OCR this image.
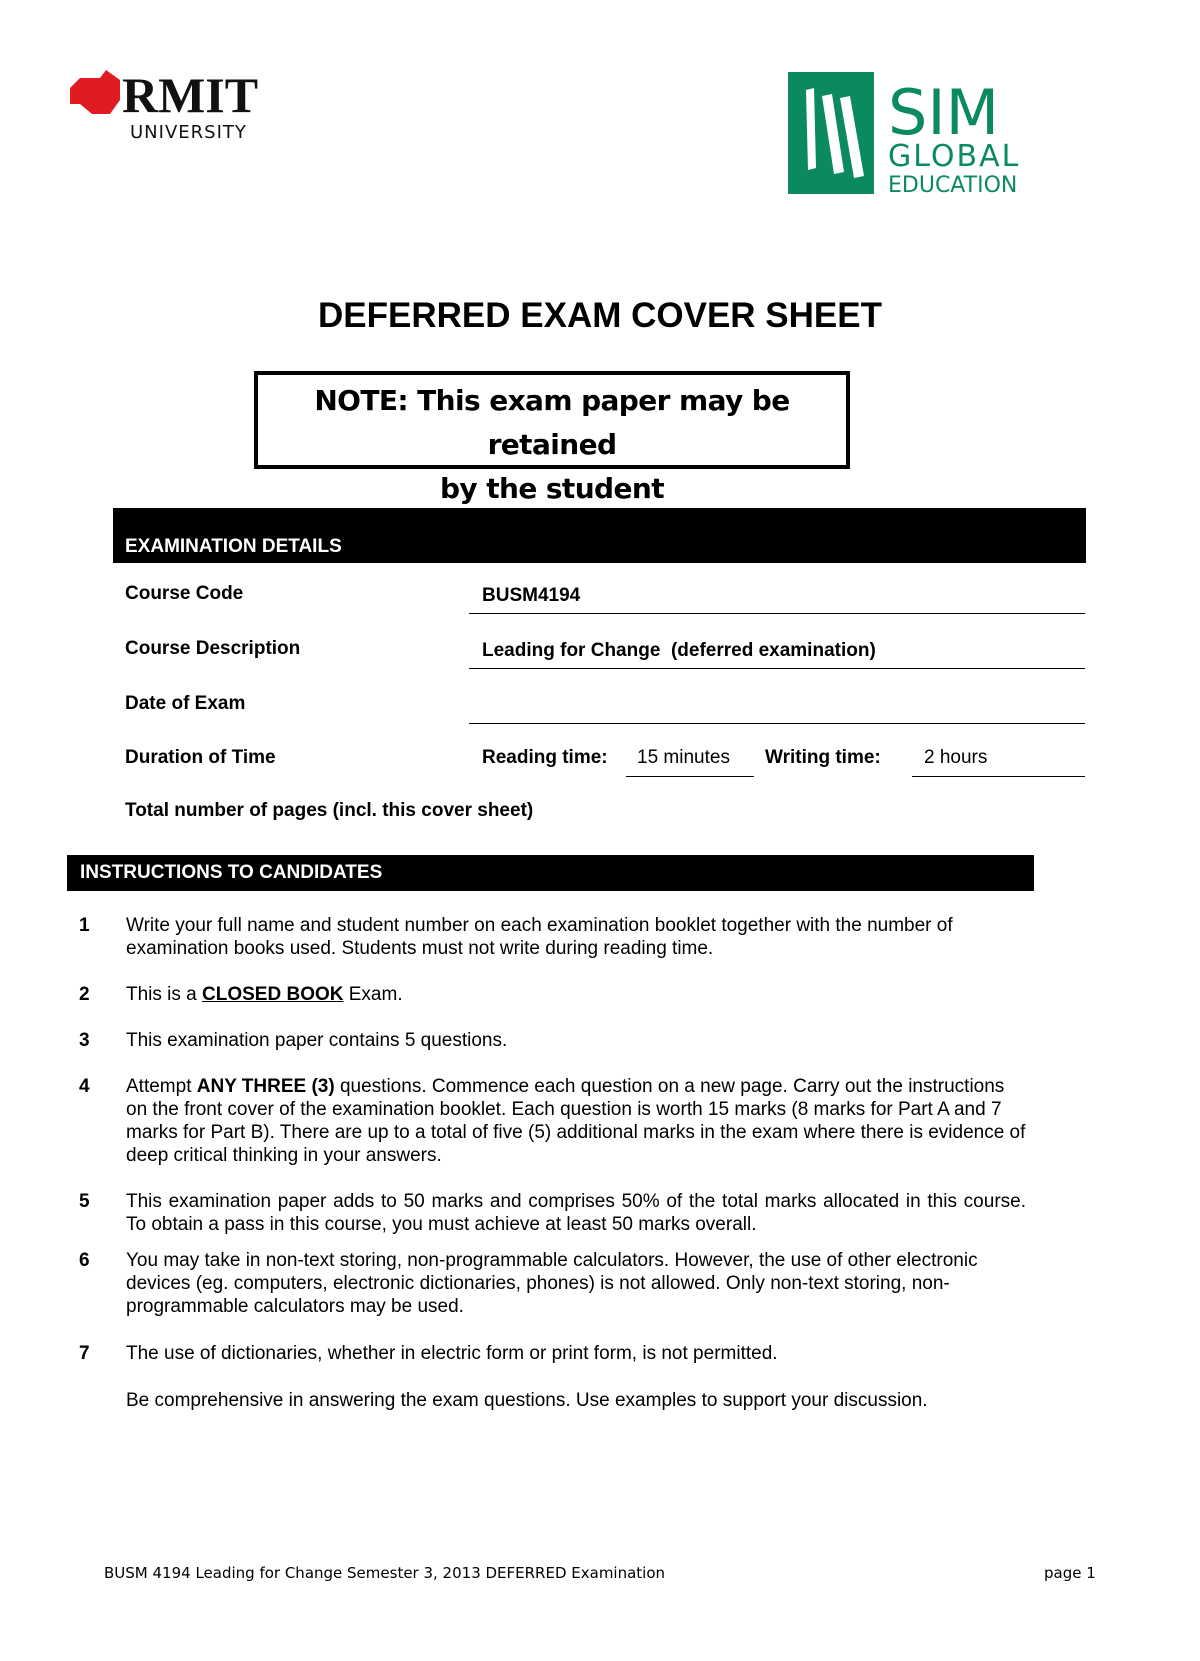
RMIT
UNIVERSITY	SIM
GLOBAL
EDUCATION
DEFERRED EXAM COVER SHEET
NOTE: This exam paper may be retained
by the student
EXAMINATION DETAILS
Course Code	BUSM4194
Course Description	Leading for Change  (deferred examination)
Date of Exam
Duration of Time	Reading time: 15 minutes Writing time: 2 hours
Total number of pages (incl. this cover sheet)
INSTRUCTIONS TO CANDIDATES
1 Write your full name and student number on each examination booklet together with the number of examination books used. Students must not write during reading time.
2 This is a CLOSED BOOK Exam.
3 This examination paper contains 5 questions.
4 Attempt ANY THREE (3) questions. Commence each question on a new page. Carry out the instructions on the front cover of the examination booklet. Each question is worth 15 marks (8 marks for Part A and 7 marks for Part B). There are up to a total of five (5) additional marks in the exam where there is evidence of deep critical thinking in your answers.
5 This examination paper adds to 50 marks and comprises 50% of the total marks allocated in this course. To obtain a pass in this course, you must achieve at least 50 marks overall.
6 You may take in non-text storing, non-programmable calculators. However, the use of other electronic devices (eg. computers, electronic dictionaries, phones) is not allowed. Only non-text storing, non-programmable calculators may be used.
7 The use of dictionaries, whether in electric form or print form, is not permitted.
Be comprehensive in answering the exam questions. Use examples to support your discussion.
BUSM 4194 Leading for Change Semester 3, 2013 DEFERRED Examination	page 1
